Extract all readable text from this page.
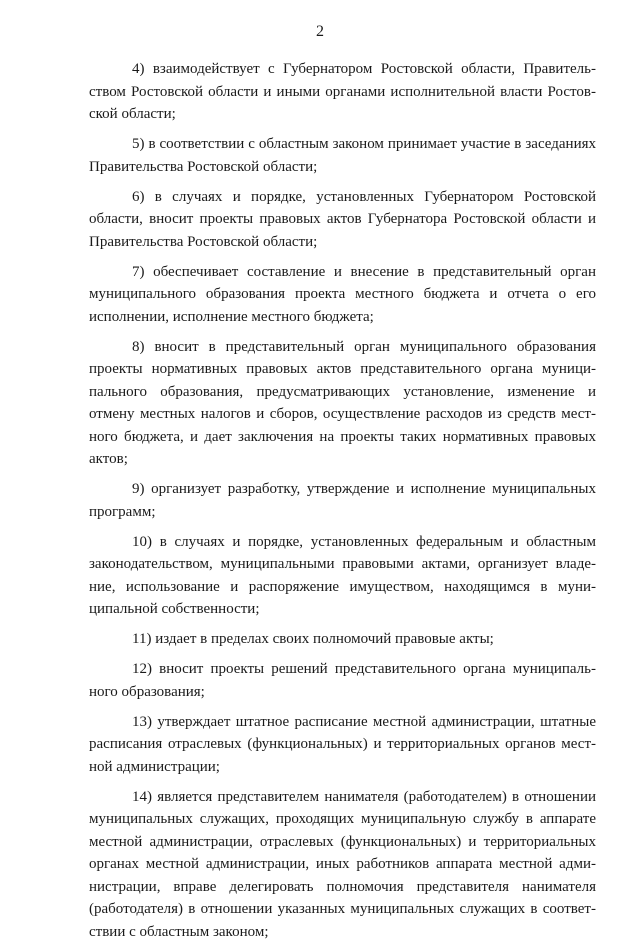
2

4) взаимодействует с Губернатором Ростовской области, Правительством Ростовской области и иными органами исполнительной власти Ростовской области;

5) в соответствии с областным законом принимает участие в заседаниях Правительства Ростовской области;

6) в случаях и порядке, установленных Губернатором Ростовской области, вносит проекты правовых актов Губернатора Ростовской области и Правительства Ростовской области;

7) обеспечивает составление и внесение в представительный орган муниципального образования проекта местного бюджета и отчета о его исполнении, исполнение местного бюджета;

8) вносит в представительный орган муниципального образования проекты нормативных правовых актов представительного органа муниципального образования, предусматривающих установление, изменение и отмену местных налогов и сборов, осуществление расходов из средств местного бюджета, и дает заключения на проекты таких нормативных правовых актов;

9) организует разработку, утверждение и исполнение муниципальных программ;

10) в случаях и порядке, установленных федеральным и областным законодательством, муниципальными правовыми актами, организует владение, использование и распоряжение имуществом, находящимся в муниципальной собственности;

11) издает в пределах своих полномочий правовые акты;

12) вносит проекты решений представительного органа муниципального образования;

13) утверждает штатное расписание местной администрации, штатные расписания отраслевых (функциональных) и территориальных органов местной администрации;

14) является представителем нанимателя (работодателем) в отношении муниципальных служащих, проходящих муниципальную службу в аппарате местной администрации, отраслевых (функциональных) и территориальных органах местной администрации, иных работников аппарата местной администрации, вправе делегировать полномочия представителя нанимателя (работодателя) в отношении указанных муниципальных служащих в соответствии с областным законом;
